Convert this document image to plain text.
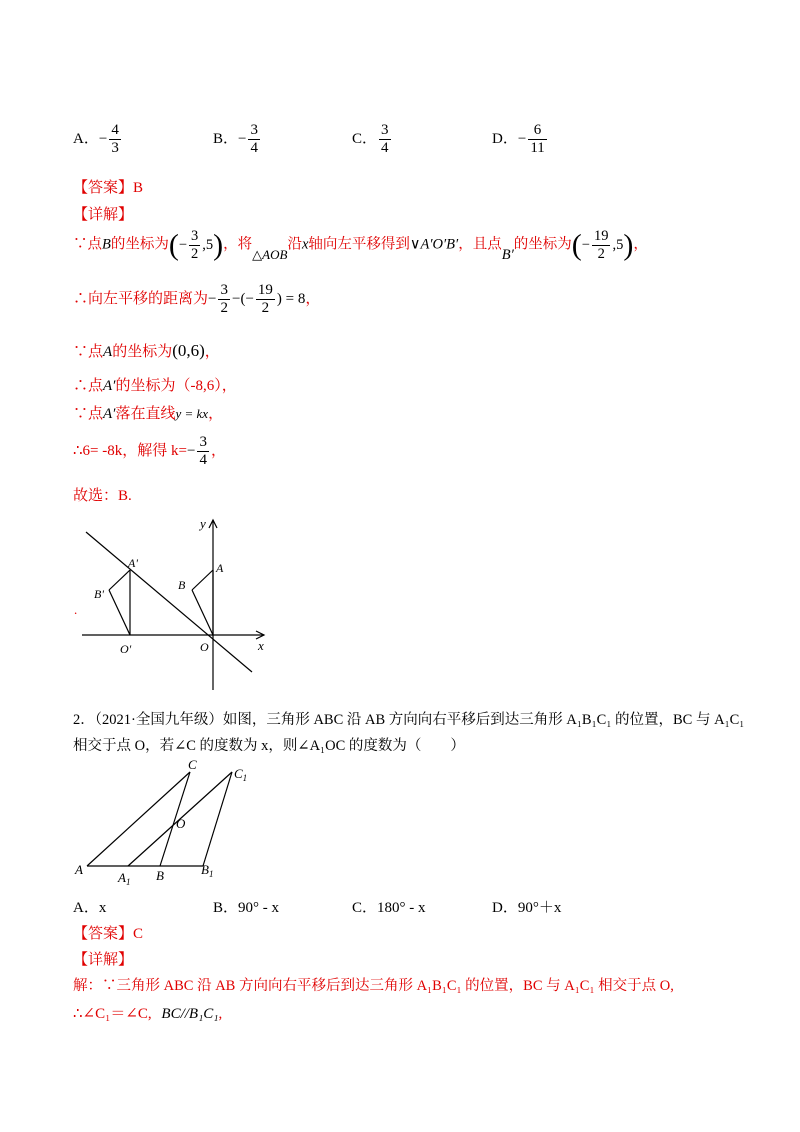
A．− $\frac{4}{3}$	B．− $\frac{3}{4}$	C． $\frac{3}{4}$	D．− $\frac{6}{11}$
【答案】B
【详解】
∵点B的坐标为(− $\frac{3}{2} ,5$)，将△AOB沿x轴向左平移得到∨A′O′B′，且点B′的坐标为(− $\frac{19}{2} ,5$)，
∴向左平移的距离为− $\frac{3}{2}$ −(− $\frac{19}{2}$ ) = 8，
∵点A的坐标为(0,6)，
∴点A′的坐标为（-8,6），
∵点A′落在直线y = kx，
∴6= -8k，解得 $k=- \frac{3}{4}$ ，
故选：B.
y
x
A
B
O
A'
B'
O'
.
2．（2021·全国九年级）如图，三角形 ABC 沿 AB 方向向右平移后到达三角形 A₁B₁C₁ 的位置，BC 与 A₁C₁
相交于点 O，若∠C 的度数为 x，则∠A₁OC 的度数为（　　）
C
$C_1$
O
A
$A_1$ B	$B_1$
A．x	B．90° - x	C．180° - x	D．90°＋x
【答案】C
【详解】
解：∵三角形 ABC 沿 AB 方向向右平移后到达三角形 A₁B₁C₁ 的位置，BC 与 A₁C₁ 相交于点 O,
∴∠C₁＝∠C, BC//B₁C₁,
